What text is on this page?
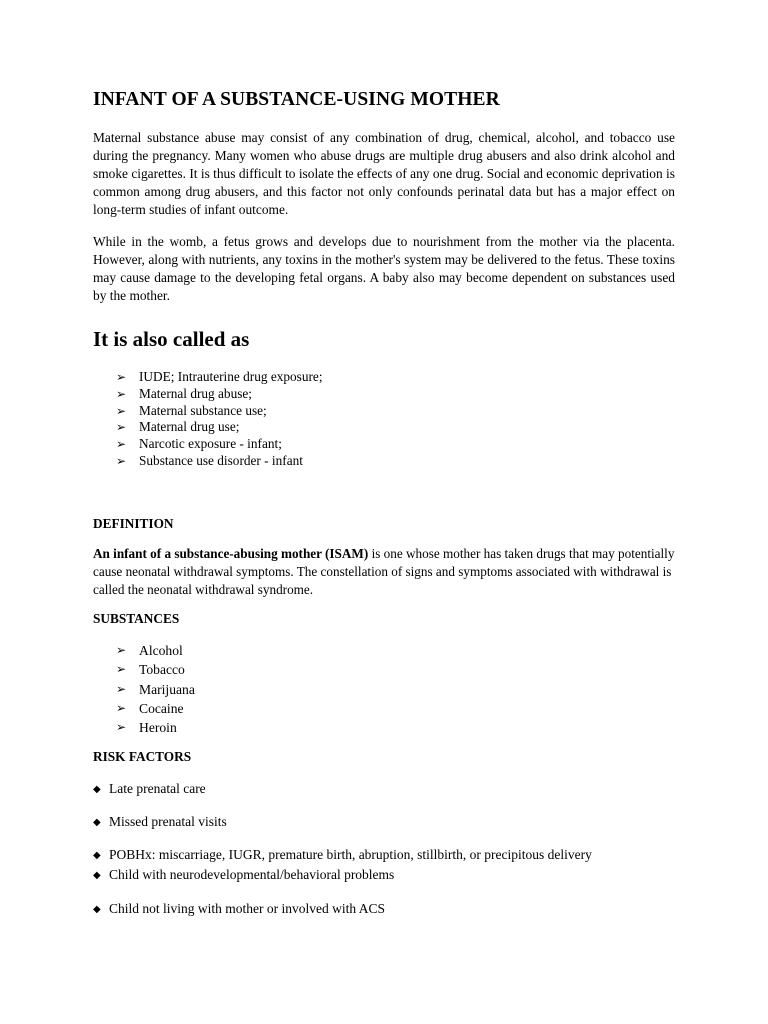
INFANT OF A SUBSTANCE-USING MOTHER

Maternal substance abuse may consist of any combination of drug, chemical, alcohol, and tobacco use during the pregnancy. Many women who abuse drugs are multiple drug abusers and also drink alcohol and smoke cigarettes. It is thus difficult to isolate the effects of any one drug. Social and economic deprivation is common among drug abusers, and this factor not only confounds perinatal data but has a major effect on long-term studies of infant outcome.

While in the womb, a fetus grows and develops due to nourishment from the mother via the placenta. However, along with nutrients, any toxins in the mother's system may be delivered to the fetus. These toxins may cause damage to the developing fetal organs. A baby also may become dependent on substances used by the mother.

It is also called as
➢ IUDE; Intrauterine drug exposure;
➢ Maternal drug abuse;
➢ Maternal substance use;
➢ Maternal drug use;
➢ Narcotic exposure - infant;
➢ Substance use disorder - infant
DEFINITION

An infant of a substance-abusing mother (ISAM) is one whose mother has taken drugs that may potentially cause neonatal withdrawal symptoms. The constellation of signs and symptoms associated with withdrawal is called the neonatal withdrawal syndrome.

SUBSTANCES
➢ Alcohol
➢ Tobacco
➢ Marijuana
➢ Cocaine
➢ Heroin
RISK FACTORS

◆ Late prenatal care

◆ Missed prenatal visits

◆ POBHx: miscarriage, IUGR, premature birth, abruption, stillbirth, or precipitous delivery

◆ Child with neurodevelopmental/behavioral problems

◆ Child not living with mother or involved with ACS
